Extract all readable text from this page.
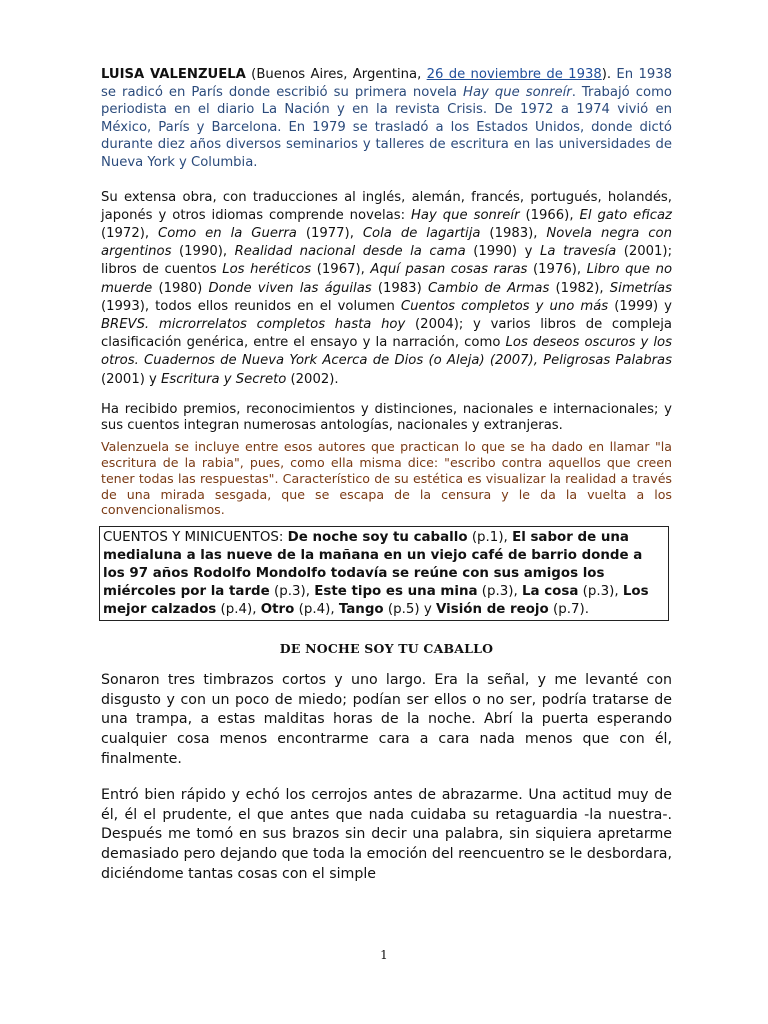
LUISA VALENZUELA (Buenos Aires, Argentina, 26 de noviembre de 1938). En 1938 se radicó en París donde escribió su primera novela Hay que sonreír. Trabajó como periodista en el diario La Nación y en la revista Crisis. De 1972 a 1974 vivió en México, París y Barcelona. En 1979 se trasladó a los Estados Unidos, donde dictó durante diez años diversos seminarios y talleres de escritura en las universidades de Nueva York y Columbia.

Su extensa obra, con traducciones al inglés, alemán, francés, portugués, holandés, japonés y otros idiomas comprende novelas: Hay que sonreír (1966), El gato eficaz (1972), Como en la Guerra (1977), Cola de lagartija (1983), Novela negra con argentinos (1990), Realidad nacional desde la cama (1990) y La travesía (2001); libros de cuentos Los heréticos (1967), Aquí pasan cosas raras (1976), Libro que no muerde (1980) Donde viven las águilas (1983) Cambio de Armas (1982), Simetrías (1993), todos ellos reunidos en el volumen Cuentos completos y uno más (1999) y BREVS. microrrelatos completos hasta hoy (2004); y varios libros de compleja clasificación genérica, entre el ensayo y la narración, como Los deseos oscuros y los otros. Cuadernos de Nueva York Acerca de Dios (o Aleja) (2007), Peligrosas Palabras (2001) y Escritura y Secreto (2002).

Ha recibido premios, reconocimientos y distinciones, nacionales e internacionales; y sus cuentos integran numerosas antologías, nacionales y extranjeras.

Valenzuela se incluye entre esos autores que practican lo que se ha dado en llamar "la escritura de la rabia", pues, como ella misma dice: "escribo contra aquellos que creen tener todas las respuestas". Característico de su estética es visualizar la realidad a través de una mirada sesgada, que se escapa de la censura y le da la vuelta a los convencionalismos.

CUENTOS Y MINICUENTOS: De noche soy tu caballo (p.1), El sabor de una medialuna a las nueve de la mañana en un viejo café de barrio donde a los 97 años Rodolfo Mondolfo todavía se reúne con sus amigos los miércoles por la tarde (p.3), Este tipo es una mina (p.3), La cosa (p.3), Los mejor calzados (p.4), Otro (p.4), Tango (p.5) y Visión de reojo (p.7).
DE NOCHE SOY TU CABALLO

Sonaron tres timbrazos cortos y uno largo. Era la señal, y me levanté con disgusto y con un poco de miedo; podían ser ellos o no ser, podría tratarse de una trampa, a estas malditas horas de la noche. Abrí la puerta esperando cualquier cosa menos encontrarme cara a cara nada menos que con él, finalmente.

Entró bien rápido y echó los cerrojos antes de abrazarme. Una actitud muy de él, él el prudente, el que antes que nada cuidaba su retaguardia -la nuestra-. Después me tomó en sus brazos sin decir una palabra, sin siquiera apretarme demasiado pero dejando que toda la emoción del reencuentro se le desbordara, diciéndome tantas cosas con el simple

1
